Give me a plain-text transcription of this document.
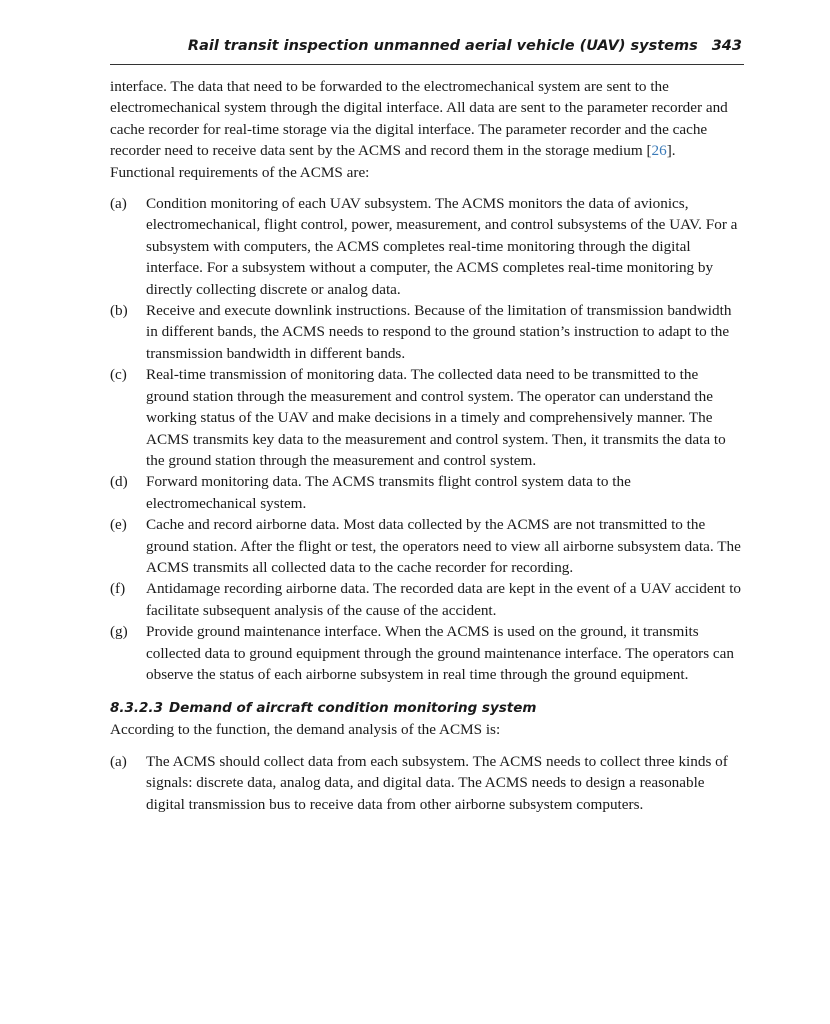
Rail transit inspection unmanned aerial vehicle (UAV) systems 343

interface. The data that need to be forwarded to the electromechanical system are sent to the electromechanical system through the digital interface. All data are sent to the parameter recorder and cache recorder for real-time storage via the digital interface. The parameter recorder and the cache recorder need to receive data sent by the ACMS and record them in the storage medium [26].

Functional requirements of the ACMS are:

(a) Condition monitoring of each UAV subsystem. The ACMS monitors the data of avionics, electromechanical, flight control, power, measurement, and control subsystems of the UAV. For a subsystem with computers, the ACMS completes real-time monitoring through the digital interface. For a subsystem without a computer, the ACMS completes real-time monitoring by directly collecting discrete or analog data.
(b) Receive and execute downlink instructions. Because of the limitation of transmission bandwidth in different bands, the ACMS needs to respond to the ground station’s instruction to adapt to the transmission bandwidth in different bands.
(c) Real-time transmission of monitoring data. The collected data need to be transmitted to the ground station through the measurement and control system. The operator can understand the working status of the UAV and make decisions in a timely and comprehensively manner. The ACMS transmits key data to the measurement and control system. Then, it transmits the data to the ground station through the measurement and control system.
(d) Forward monitoring data. The ACMS transmits flight control system data to the electromechanical system.
(e) Cache and record airborne data. Most data collected by the ACMS are not transmitted to the ground station. After the flight or test, the operators need to view all airborne subsystem data. The ACMS transmits all collected data to the cache recorder for recording.
(f) Antidamage recording airborne data. The recorded data are kept in the event of a UAV accident to facilitate subsequent analysis of the cause of the accident.
(g) Provide ground maintenance interface. When the ACMS is used on the ground, it transmits collected data to ground equipment through the ground maintenance interface. The operators can observe the status of each airborne subsystem in real time through the ground equipment.
8.3.2.3 Demand of aircraft condition monitoring system

According to the function, the demand analysis of the ACMS is:

(a) The ACMS should collect data from each subsystem. The ACMS needs to collect three kinds of signals: discrete data, analog data, and digital data. The ACMS needs to design a reasonable digital transmission bus to receive data from other airborne subsystem computers.
